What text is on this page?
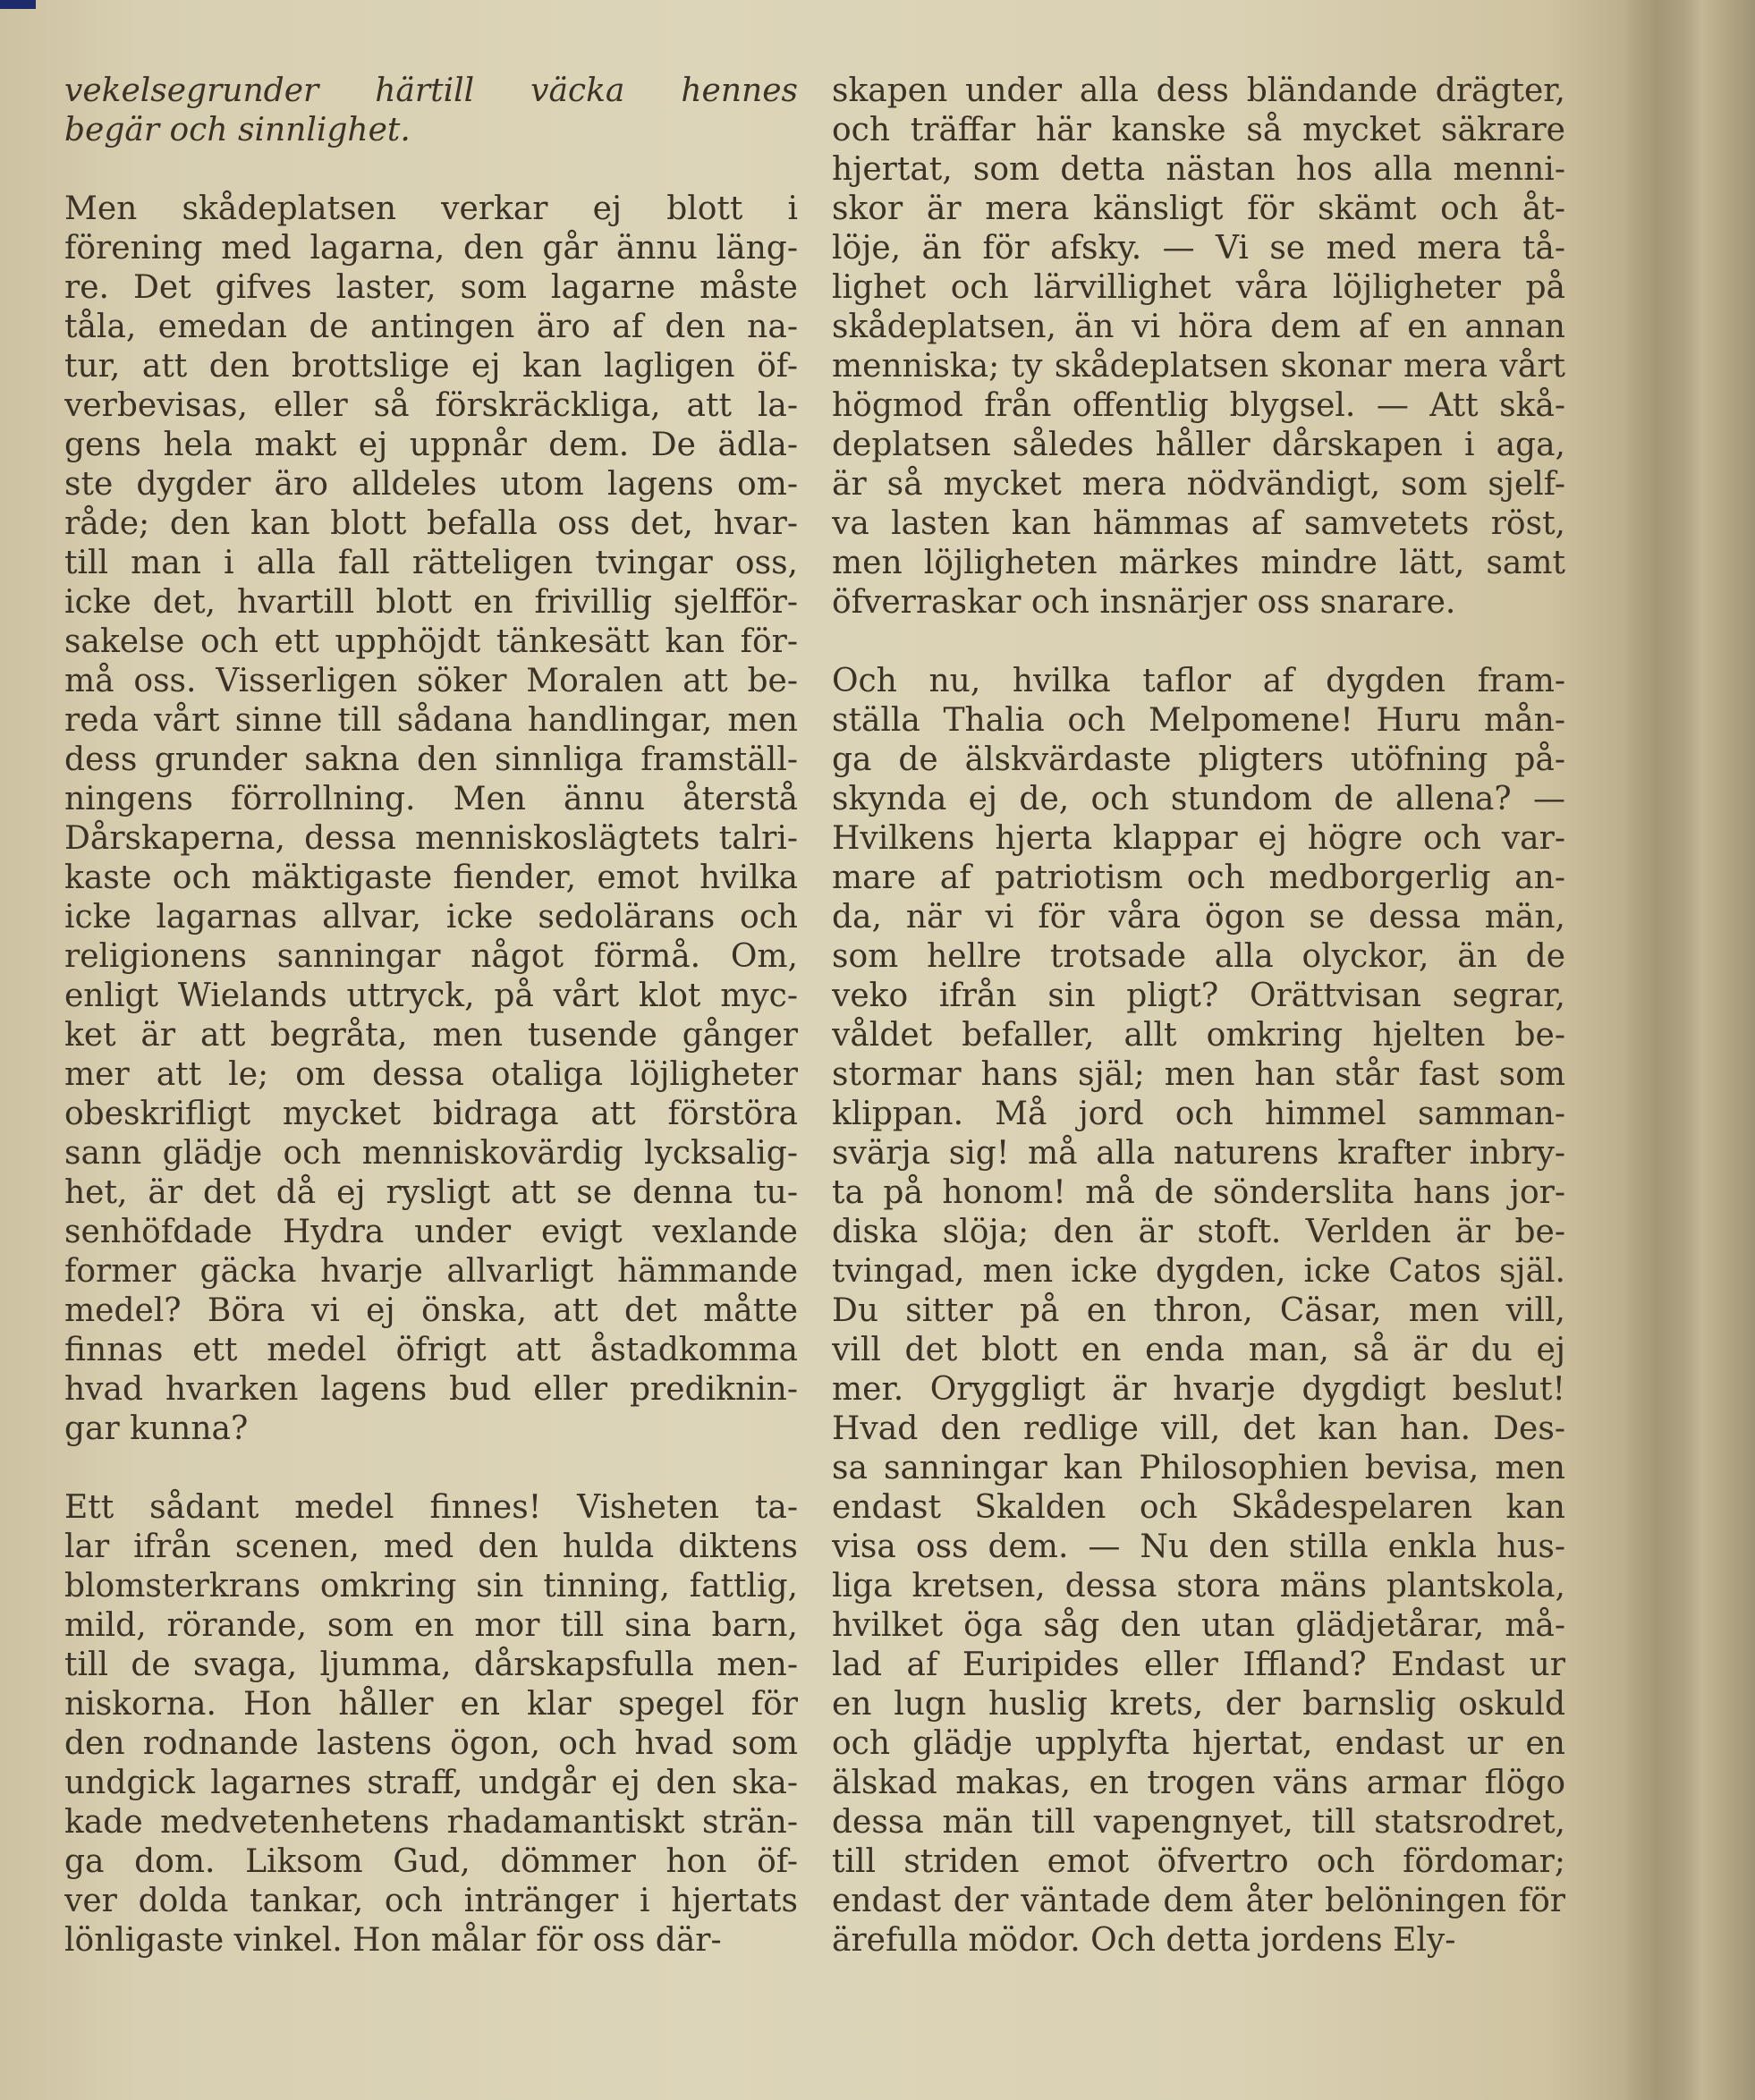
vekelsegrunder härtill väcka hennes
begär och sinnlighet.
Men skådeplatsen verkar ej blott i
förening med lagarna, den går ännu läng-
re. Det gifves laster, som lagarne måste
tåla, emedan de antingen äro af den na-
tur, att den brottslige ej kan lagligen öf-
verbevisas, eller så förskräckliga, att la-
gens hela makt ej uppnår dem. De ädla-
ste dygder äro alldeles utom lagens om-
råde; den kan blott befalla oss det, hvar-
till man i alla fall rätteligen tvingar oss,
icke det, hvartill blott en frivillig sjelfför-
sakelse och ett upphöjdt tänkesätt kan för-
må oss. Visserligen söker Moralen att be-
reda vårt sinne till sådana handlingar, men
dess grunder sakna den sinnliga framställ-
ningens förrollning. Men ännu återstå
Dårskaperna, dessa menniskoslägtets talri-
kaste och mäktigaste fiender, emot hvilka
icke lagarnas allvar, icke sedolärans och
religionens sanningar något förmå. Om,
enligt Wielands uttryck, på vårt klot myc-
ket är att begråta, men tusende gånger
mer att le; om dessa otaliga löjligheter
obeskrifligt mycket bidraga att förstöra
sann glädje och menniskovärdig lycksalig-
het, är det då ej rysligt att se denna tu-
senhöfdade Hydra under evigt vexlande
former gäcka hvarje allvarligt hämmande
medel? Böra vi ej önska, att det måtte
finnas ett medel öfrigt att åstadkomma
hvad hvarken lagens bud eller prediknin-
gar kunna?
Ett sådant medel finnes! Visheten ta-
lar ifrån scenen, med den hulda diktens
blomsterkrans omkring sin tinning, fattlig,
mild, rörande, som en mor till sina barn,
till de svaga, ljumma, dårskapsfulla men-
niskorna. Hon håller en klar spegel för
den rodnande lastens ögon, och hvad som
undgick lagarnes straff, undgår ej den ska-
kade medvetenhetens rhadamantiskt strän-
ga dom. Liksom Gud, dömmer hon öf-
ver dolda tankar, och intränger i hjertats
lönligaste vinkel. Hon målar för oss där-
skapen under alla dess bländande drägter,
och träffar här kanske så mycket säkrare
hjertat, som detta nästan hos alla menni-
skor är mera känsligt för skämt och åt-
löje, än för afsky. — Vi se med mera tå-
lighet och lärvillighet våra löjligheter på
skådeplatsen, än vi höra dem af en annan
menniska; ty skådeplatsen skonar mera vårt
högmod från offentlig blygsel. — Att skå-
deplatsen således håller dårskapen i aga,
är så mycket mera nödvändigt, som sjelf-
va lasten kan hämmas af samvetets röst,
men löjligheten märkes mindre lätt, samt
öfverraskar och insnärjer oss snarare.
Och nu, hvilka taflor af dygden fram-
ställa Thalia och Melpomene! Huru mån-
ga de älskvärdaste pligters utöfning på-
skynda ej de, och stundom de allena? —
Hvilkens hjerta klappar ej högre och var-
mare af patriotism och medborgerlig an-
da, när vi för våra ögon se dessa män,
som hellre trotsade alla olyckor, än de
veko ifrån sin pligt? Orättvisan segrar,
våldet befaller, allt omkring hjelten be-
stormar hans själ; men han står fast som
klippan. Må jord och himmel samman-
svärja sig! må alla naturens krafter inbry-
ta på honom! må de sönderslita hans jor-
diska slöja; den är stoft. Verlden är be-
tvingad, men icke dygden, icke Catos själ.
Du sitter på en thron, Cäsar, men vill,
vill det blott en enda man, så är du ej
mer. Oryggligt är hvarje dygdigt beslut!
Hvad den redlige vill, det kan han. Des-
sa sanningar kan Philosophien bevisa, men
endast Skalden och Skådespelaren kan
visa oss dem. — Nu den stilla enkla hus-
liga kretsen, dessa stora mäns plantskola,
hvilket öga såg den utan glädjetårar, må-
lad af Euripides eller Iffland? Endast ur
en lugn huslig krets, der barnslig oskuld
och glädje upplyfta hjertat, endast ur en
älskad makas, en trogen väns armar flögo
dessa män till vapengnyet, till statsrodret,
till striden emot öfvertro och fördomar;
endast der väntade dem åter belöningen för
ärefulla mödor. Och detta jordens Ely-
